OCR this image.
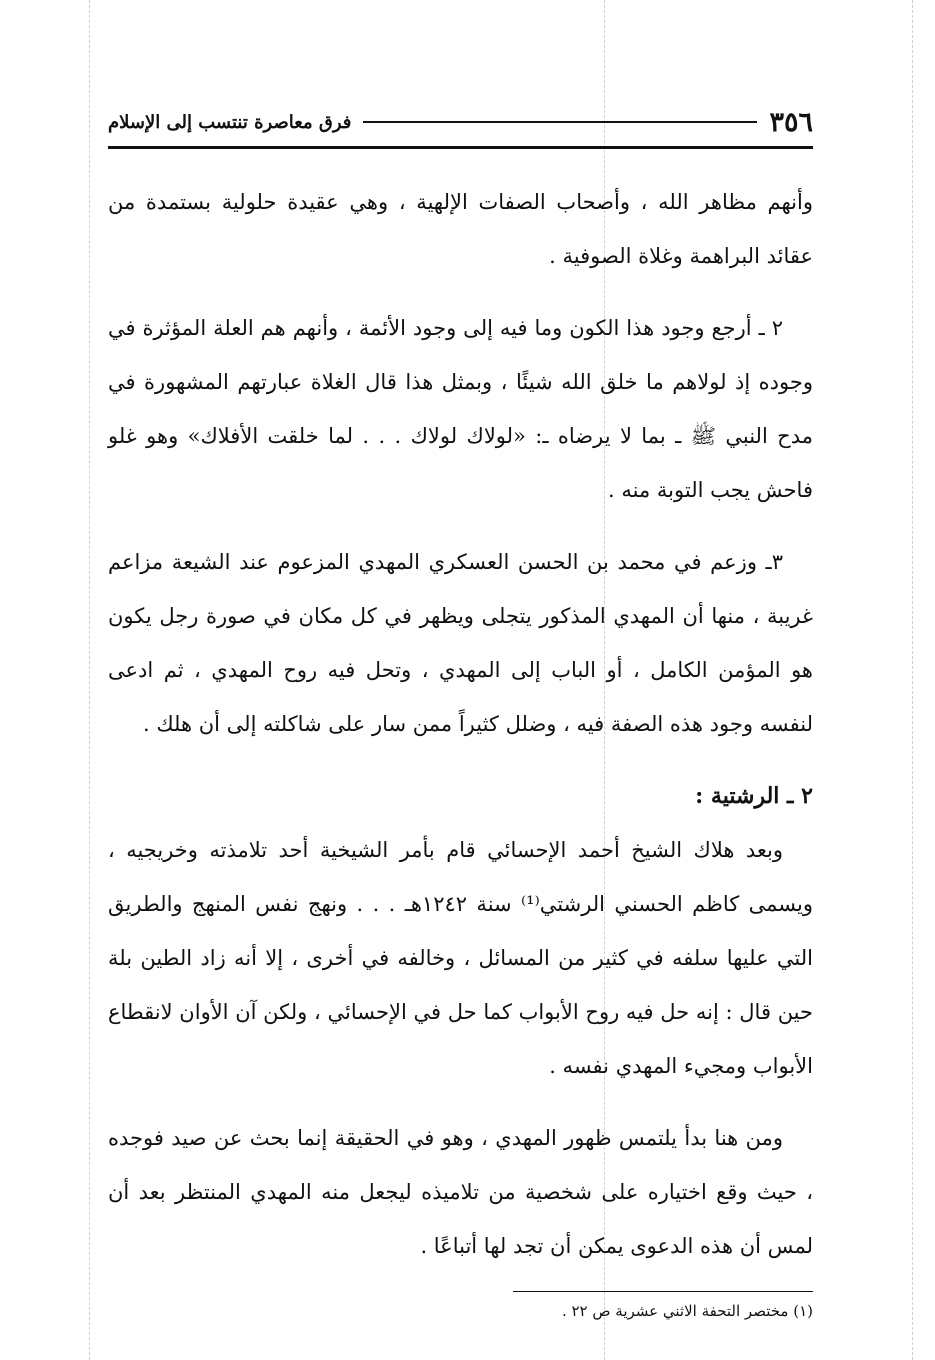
٣٥٦
فرق معاصرة تنتسب إلى الإسلام

وأنهم مظاهر الله ، وأصحاب الصفات الإلهية ، وهي عقيدة حلولية بستمدة من عقائد البراهمة وغلاة الصوفية .

٢ ـ أرجع وجود هذا الكون وما فيه إلى وجود الأئمة ، وأنهم هم العلة المؤثرة في وجوده إذ لولاهم ما خلق الله شيئًا ، وبمثل هذا قال الغلاة عبارتهم المشهورة في مدح النبي ﷺ ـ بما لا يرضاه ـ: «لولاك لولاك . . . لما خلقت الأفلاك» وهو غلو فاحش يجب التوبة منه .

٣ـ وزعم في محمد بن الحسن العسكري المهدي المزعوم عند الشيعة مزاعم غريبة ، منها أن المهدي المذكور يتجلى ويظهر في كل مكان في صورة رجل يكون هو المؤمن الكامل ، أو الباب إلى المهدي ، وتحل فيه روح المهدي ، ثم ادعى لنفسه وجود هذه الصفة فيه ، وضلل كثيراً ممن سار على شاكلته إلى أن هلك .

٢ ـ الرشتية :

وبعد هلاك الشيخ أحمد الإحسائي قام بأمر الشيخية أحد تلامذته وخريجيه ، ويسمى كاظم الحسني الرشتي⁽¹⁾ سنة ١٢٤٢هـ . . . ونهج نفس المنهج والطريق التي عليها سلفه في كثير من المسائل ، وخالفه في أخرى ، إلا أنه زاد الطين بلة حين قال : إنه حل فيه روح الأبواب كما حل في الإحسائي ، ولكن آن الأوان لانقطاع الأبواب ومجيء المهدي نفسه .

ومن هنا بدأ يلتمس ظهور المهدي ، وهو في الحقيقة إنما بحث عن صيد فوجده ، حيث وقع اختياره على شخصية من تلاميذه ليجعل منه المهدي المنتظر بعد أن لمس أن هذه الدعوى يمكن أن تجد لها أتباعًا .

(١) مختصر التحفة الاثني عشرية ص ٢٢ .
